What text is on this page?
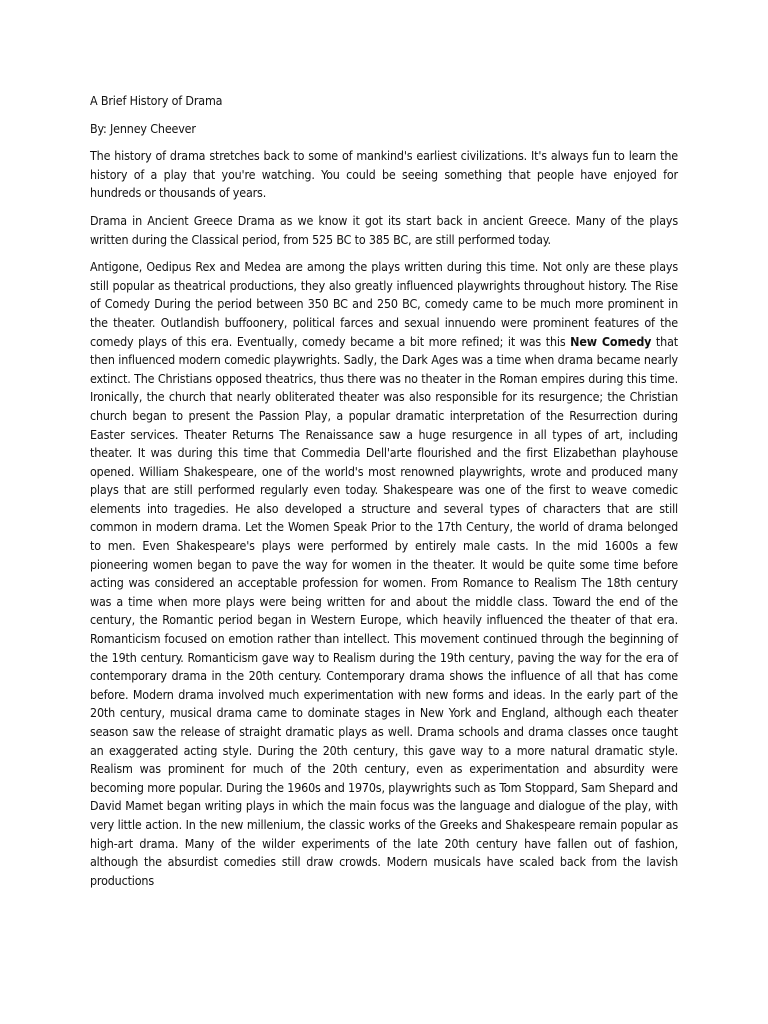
A Brief History of Drama

By: Jenney Cheever

The history of drama stretches back to some of mankind's earliest civilizations. It's always fun to learn the history of a play that you're watching. You could be seeing something that people have enjoyed for hundreds or thousands of years.

Drama in Ancient Greece Drama as we know it got its start back in ancient Greece. Many of the plays written during the Classical period, from 525 BC to 385 BC, are still performed today.

Antigone, Oedipus Rex and Medea are among the plays written during this time. Not only are these plays still popular as theatrical productions, they also greatly influenced playwrights throughout history. The Rise of Comedy During the period between 350 BC and 250 BC, comedy came to be much more prominent in the theater. Outlandish buffoonery, political farces and sexual innuendo were prominent features of the comedy plays of this era. Eventually, comedy became a bit more refined; it was this New Comedy that then influenced modern comedic playwrights. Sadly, the Dark Ages was a time when drama became nearly extinct. The Christians opposed theatrics, thus there was no theater in the Roman empires during this time. Ironically, the church that nearly obliterated theater was also responsible for its resurgence; the Christian church began to present the Passion Play, a popular dramatic interpretation of the Resurrection during Easter services. Theater Returns The Renaissance saw a huge resurgence in all types of art, including theater. It was during this time that Commedia Dell'arte flourished and the first Elizabethan playhouse opened. William Shakespeare, one of the world's most renowned playwrights, wrote and produced many plays that are still performed regularly even today. Shakespeare was one of the first to weave comedic elements into tragedies. He also developed a structure and several types of characters that are still common in modern drama. Let the Women Speak Prior to the 17th Century, the world of drama belonged to men. Even Shakespeare's plays were performed by entirely male casts. In the mid 1600s a few pioneering women began to pave the way for women in the theater. It would be quite some time before acting was considered an acceptable profession for women. From Romance to Realism The 18th century was a time when more plays were being written for and about the middle class. Toward the end of the century, the Romantic period began in Western Europe, which heavily influenced the theater of that era. Romanticism focused on emotion rather than intellect. This movement continued through the beginning of the 19th century. Romanticism gave way to Realism during the 19th century, paving the way for the era of contemporary drama in the 20th century. Contemporary drama shows the influence of all that has come before. Modern drama involved much experimentation with new forms and ideas. In the early part of the 20th century, musical drama came to dominate stages in New York and England, although each theater season saw the release of straight dramatic plays as well. Drama schools and drama classes once taught an exaggerated acting style. During the 20th century, this gave way to a more natural dramatic style. Realism was prominent for much of the 20th century, even as experimentation and absurdity were becoming more popular. During the 1960s and 1970s, playwrights such as Tom Stoppard, Sam Shepard and David Mamet began writing plays in which the main focus was the language and dialogue of the play, with very little action. In the new millenium, the classic works of the Greeks and Shakespeare remain popular as high-art drama. Many of the wilder experiments of the late 20th century have fallen out of fashion, although the absurdist comedies still draw crowds. Modern musicals have scaled back from the lavish productions
